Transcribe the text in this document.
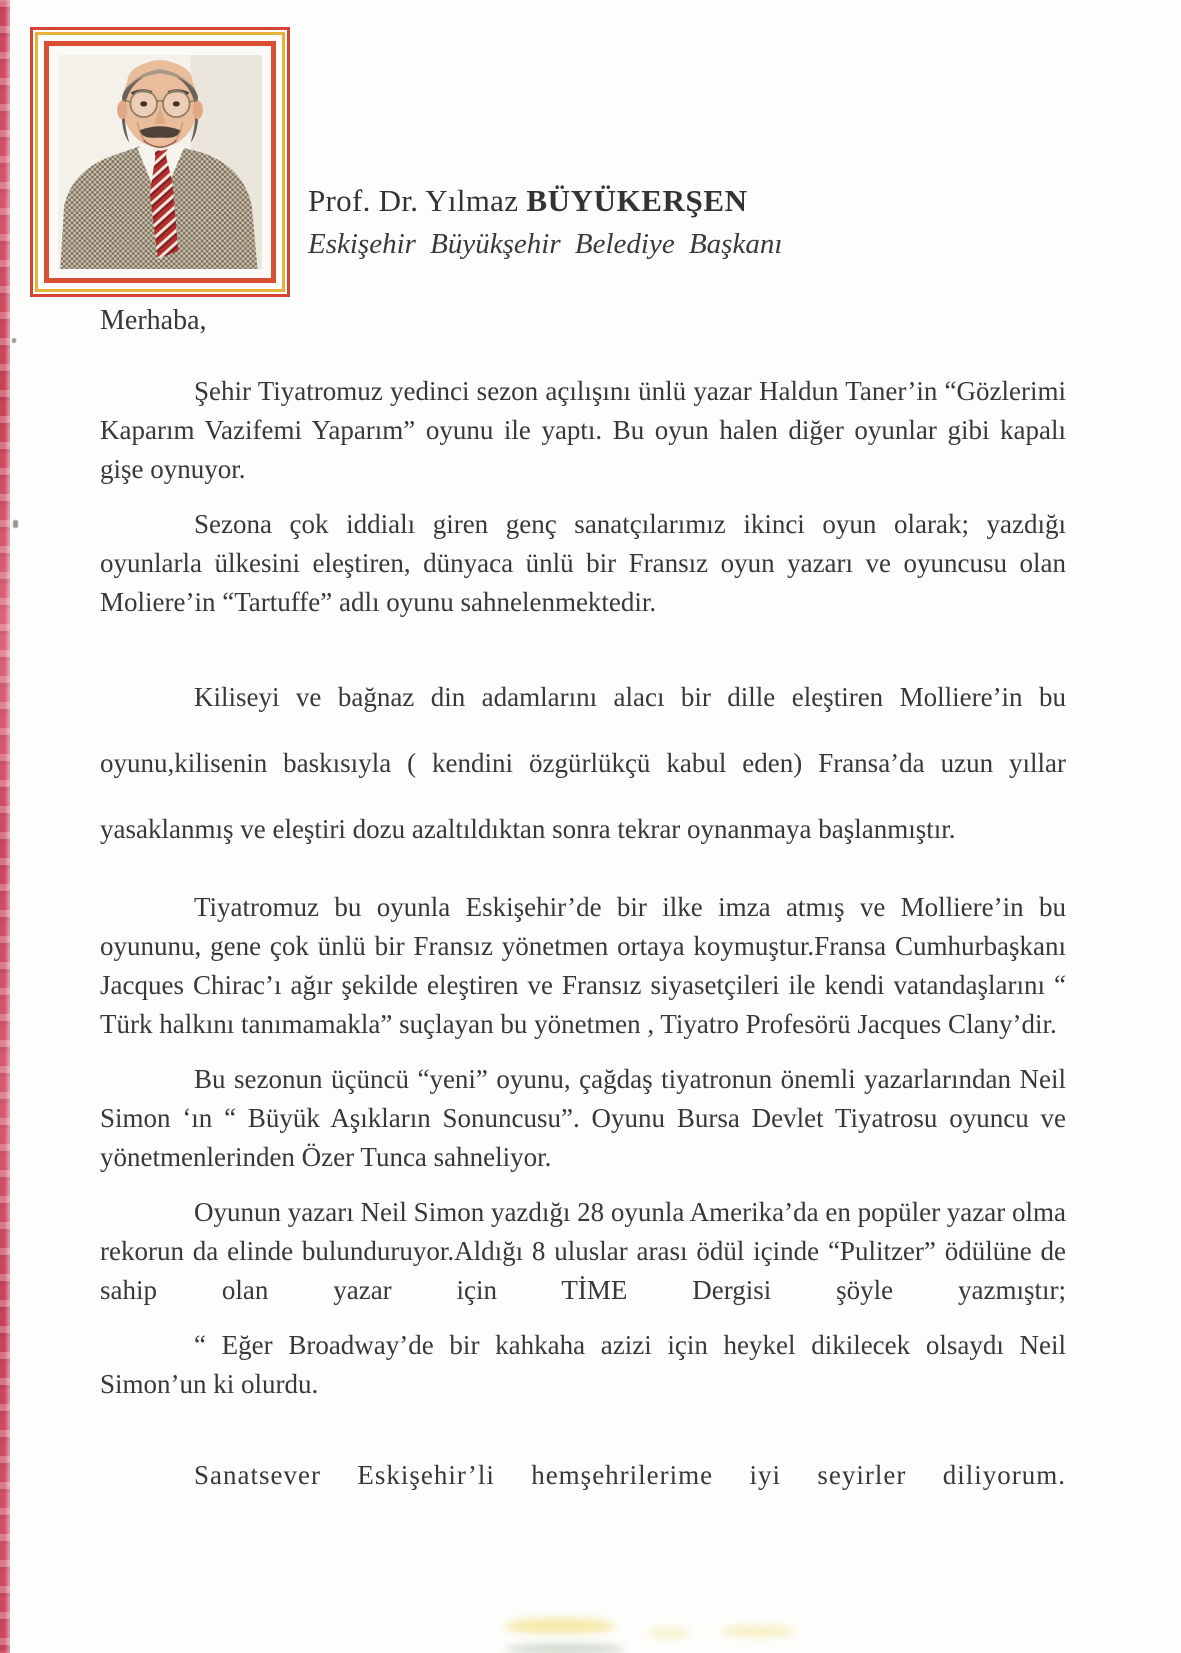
Prof. Dr. Yılmaz BÜYÜKERŞEN
Eskişehir Büyükşehir Belediye Başkanı
Merhaba,

Şehir Tiyatromuz yedinci sezon açılışını ünlü yazar Haldun Taner’in “Gözlerimi Kaparım Vazifemi Yaparım” oyunu ile yaptı. Bu oyun halen diğer oyunlar gibi kapalı gişe oynuyor.

Sezona çok iddialı giren genç sanatçılarımız ikinci oyun olarak; yazdığı oyunlarla ülkesini eleştiren, dünyaca ünlü bir Fransız oyun yazarı ve oyuncusu olan Moliere’in “Tartuffe” adlı oyunu sahnelenmektedir.

Kiliseyi ve bağnaz din adamlarını alacı bir dille eleştiren Molliere’in bu oyunu,kilisenin baskısıyla ( kendini özgürlükçü kabul eden) Fransa’da uzun yıllar yasaklanmış ve eleştiri dozu azaltıldıktan sonra tekrar oynanmaya başlanmıştır.

Tiyatromuz bu oyunla Eskişehir’de bir ilke imza atmış ve Molliere’in bu oyununu, gene çok ünlü bir Fransız yönetmen ortaya koymuştur.Fransa Cumhurbaşkanı Jacques Chirac’ı ağır şekilde eleştiren ve Fransız siyasetçileri ile kendi vatandaşlarını “ Türk halkını tanımamakla” suçlayan bu yönetmen , Tiyatro Profesörü Jacques Clany’dir.

Bu sezonun üçüncü “yeni” oyunu, çağdaş tiyatronun önemli yazarlarından Neil Simon ‘ın “ Büyük Aşıkların Sonuncusu”. Oyunu Bursa Devlet Tiyatrosu oyuncu ve yönetmenlerinden Özer Tunca sahneliyor.

Oyunun yazarı Neil Simon yazdığı 28 oyunla Amerika’da en popüler yazar olma rekorun da elinde bulunduruyor.Aldığı 8 uluslar arası ödül içinde “Pulitzer” ödülüne de sahip olan yazar için TİME Dergisi şöyle yazmıştır;

“ Eğer Broadway’de bir kahkaha azizi için heykel dikilecek olsaydı Neil Simon’un ki olurdu.

Sanatsever Eskişehir’li hemşehrilerime iyi seyirler diliyorum.
